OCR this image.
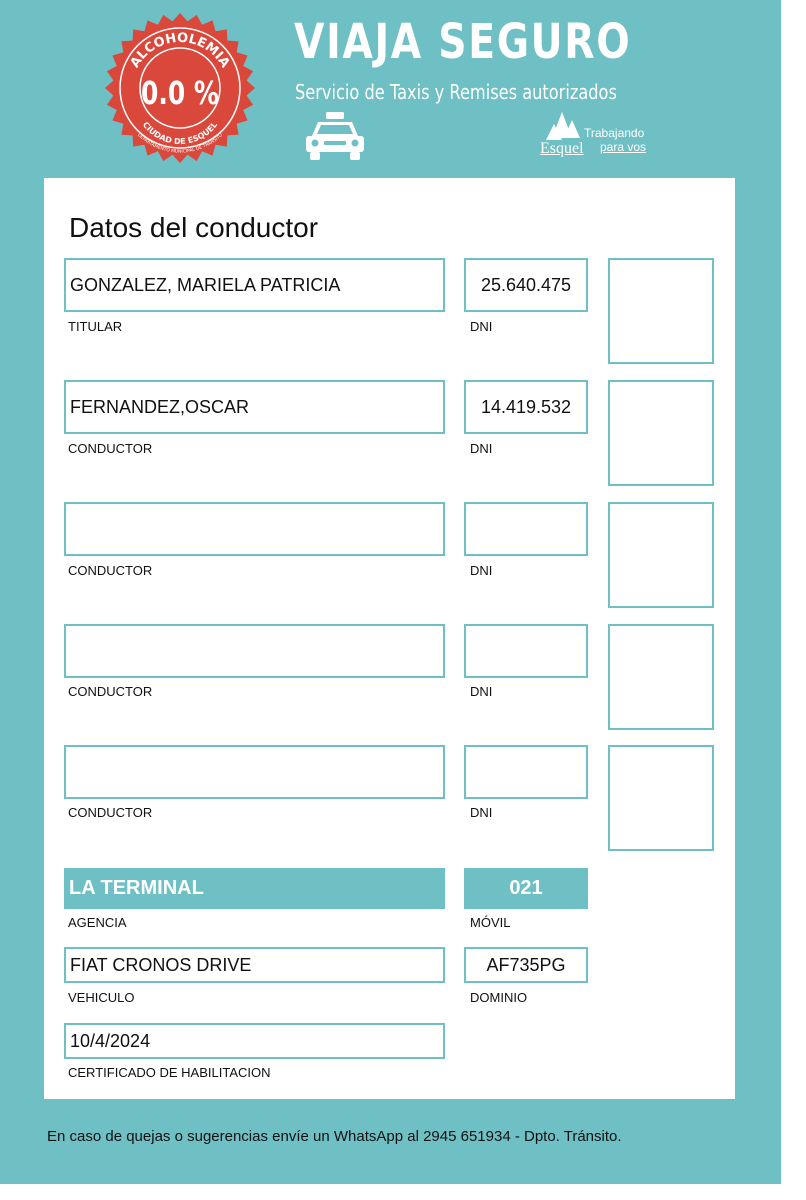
ALCOHOLEMIA
CIUDAD DE ESQUEL
DEPARTAMENTO MUNICIPAL DE TRÁNSITO
0.0 %
VIAJA SEGURO
Servicio de Taxis y Remises autorizados
Esquel
Trabajando
para vos
Datos del conductor
GONZALEZ, MARIELA PATRICIA	25.640.475
TITULAR	DNI
FERNANDEZ,OSCAR	14.419.532
CONDUCTOR	DNI
CONDUCTOR	DNI
CONDUCTOR	DNI
CONDUCTOR	DNI
LA TERMINAL	021
AGENCIA	MÓVIL
FIAT CRONOS DRIVE	AF735PG
VEHICULO	DOMINIO
10/4/2024
CERTIFICADO DE HABILITACION
En caso de quejas o sugerencias envíe un WhatsApp al 2945 651934 - Dpto. Tránsito.
